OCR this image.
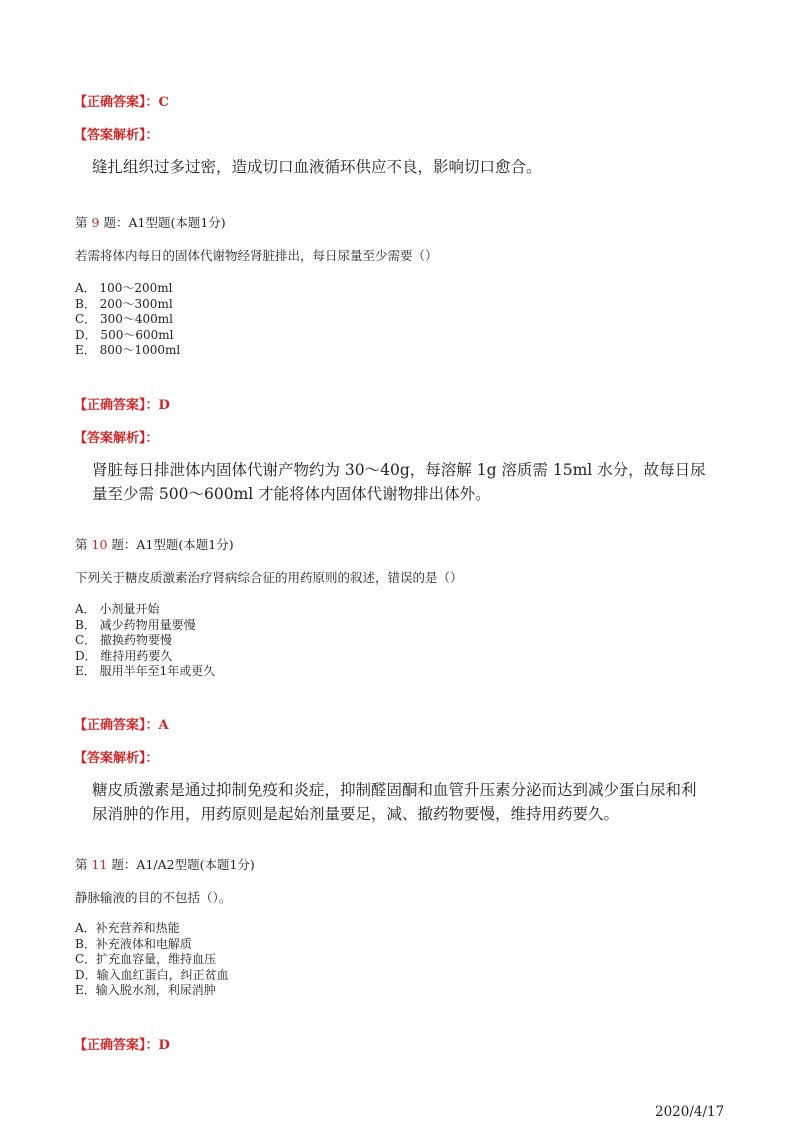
【正确答案】：C
【答案解析】：
缝扎组织过多过密，造成切口血液循环供应不良，影响切口愈合。
第 9 题：A1型题(本题1分)
若需将体内每日的固体代谢物经肾脏排出，每日尿量至少需要（）
A． 100～200ml
B． 200～300ml
C． 300～400ml
D． 500～600ml
E． 800～1000ml
【正确答案】：D
【答案解析】：
肾脏每日排泄体内固体代谢产物约为 30～40g，每溶解 1g 溶质需 15ml 水分，故每日尿
量至少需 500～600ml 才能将体内固体代谢物排出体外。
第 10 题：A1型题(本题1分)
下列关于糖皮质激素治疗肾病综合征的用药原则的叙述，错误的是（）
A． 小剂量开始
B． 减少药物用量要慢
C． 撤换药物要慢
D． 维持用药要久
E． 服用半年至1年或更久
【正确答案】：A
【答案解析】：
糖皮质激素是通过抑制免疫和炎症，抑制醛固酮和血管升压素分泌而达到减少蛋白尿和利
尿消肿的作用，用药原则是起始剂量要足，减、撤药物要慢，维持用药要久。
第 11 题：A1/A2型题(本题1分)
静脉输液的目的不包括（）。
A．补充营养和热能
B．补充液体和电解质
C．扩充血容量，维持血压
D．输入血红蛋白，纠正贫血
E．输入脱水剂，利尿消肿
【正确答案】：D
2020/4/17
